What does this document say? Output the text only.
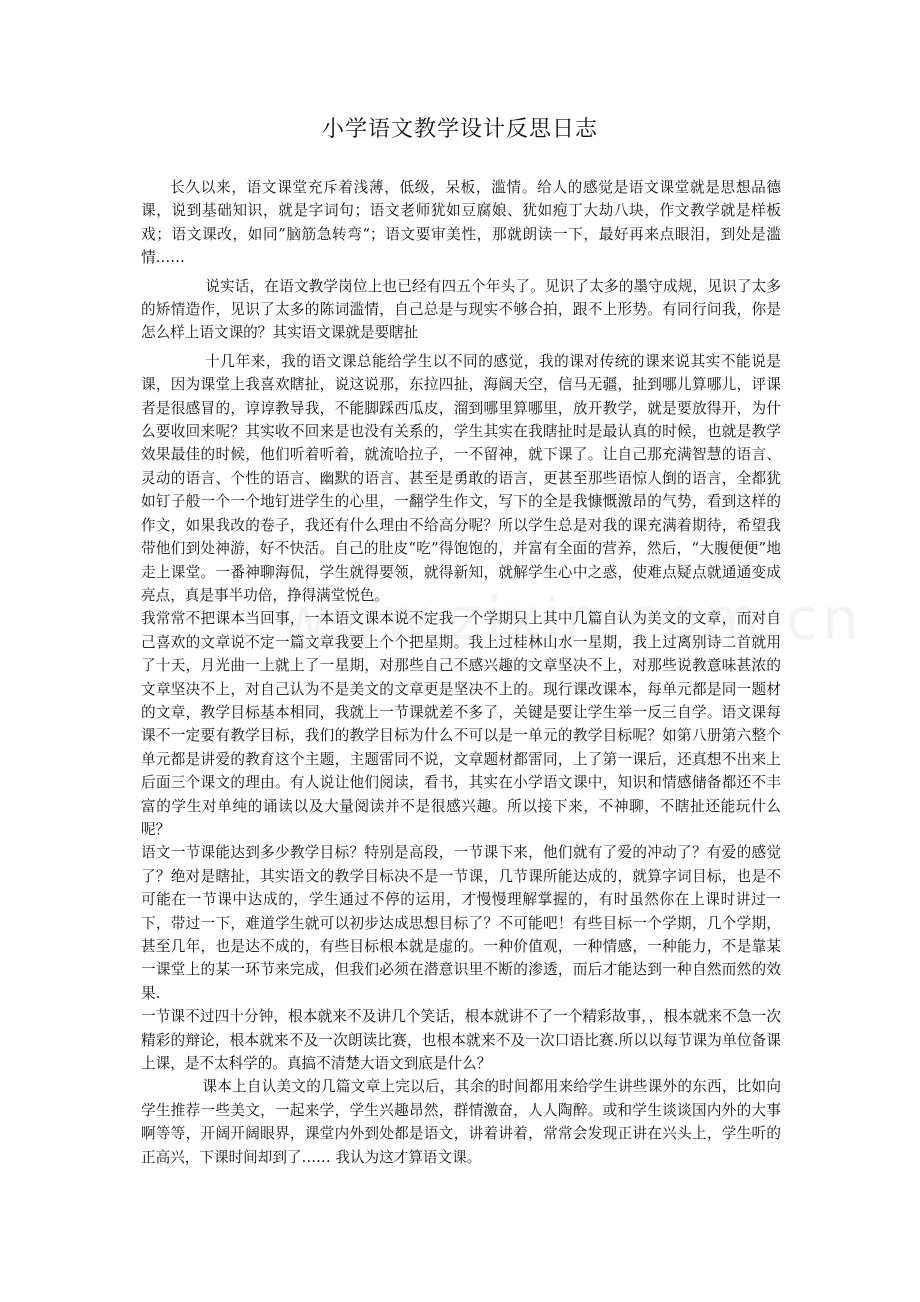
小学语文教学设计反思日志

长久以来，语文课堂充斥着浅薄，低级，呆板，滥情。给人的感觉是语文课堂就是思想品德课，说到基础知识，就是字词句；语文老师犹如豆腐娘、犹如疱丁大劫八块，作文教学就是样板戏；语文课改，如同”脑筋急转弯“；语文要审美性，那就朗读一下，最好再来点眼泪，到处是滥情……

说实话，在语文教学岗位上也已经有四五个年头了。见识了太多的墨守成规，见识了太多的矫情造作，见识了太多的陈词滥情，自己总是与现实不够合拍，跟不上形势。有同行问我，你是怎么样上语文课的？其实语文课就是要瞎扯

十几年来，我的语文课总能给学生以不同的感觉，我的课对传统的课来说其实不能说是课，因为课堂上我喜欢瞎扯，说这说那，东拉四扯，海阔天空，信马无疆，扯到哪儿算哪儿，评课者是很感冒的，谆谆教导我，不能脚踩西瓜皮，溜到哪里算哪里，放开教学，就是要放得开，为什么要收回来呢？其实收不回来是也没有关系的，学生其实在我瞎扯时是最认真的时候，也就是教学效果最佳的时候，他们听着听着，就流哈拉子，一不留神，就下课了。让自己那充满智慧的语言、灵动的语言、个性的语言、幽默的语言、甚至是勇敢的语言，更甚至那些语惊人倒的语言，全都犹如钉子般一个一个地钉进学生的心里，一翻学生作文，写下的全是我慷慨激昂的气势，看到这样的作文，如果我改的卷子，我还有什么理由不给高分呢？所以学生总是对我的课充满着期待，希望我带他们到处神游，好不快活。自己的肚皮“吃”得饱饱的，并富有全面的营养，然后，“大腹便便”地走上课堂。一番神聊海侃，学生就得要领，就得新知，就解学生心中之惑，使难点疑点就通通变成亮点，真是事半功倍，挣得满堂悦色。

我常常不把课本当回事，一本语文课本说不定我一个学期只上其中几篇自认为美文的文章，而对自己喜欢的文章说不定一篇文章我要上个个把星期。我上过桂林山水一星期，我上过离别诗二首就用了十天，月光曲一上就上了一星期，对那些自己不感兴趣的文章坚决不上，对那些说教意味甚浓的文章坚决不上，对自己认为不是美文的文章更是坚决不上的。现行课改课本，每单元都是同一题材的文章，教学目标基本相同，我就上一节课就差不多了，关键是要让学生举一反三自学。语文课每课不一定要有教学目标，我们的教学目标为什么不可以是一单元的教学目标呢？如第八册第六整个单元都是讲爱的教育这个主题，主题雷同不说，文章题材都雷同，上了第一课后，还真想不出来上后面三个课文的理由。有人说让他们阅读，看书，其实在小学语文课中，知识和情感储备都还不丰富的学生对单纯的诵读以及大量阅读并不是很感兴趣。所以接下来，不神聊，不瞎扯还能玩什么呢？

语文一节课能达到多少教学目标？特别是高段，一节课下来，他们就有了爱的冲动了？有爱的感觉了？绝对是瞎扯，其实语文的教学目标决不是一节课，几节课所能达成的，就算字词目标，也是不可能在一节课中达成的，学生通过不停的运用，才慢慢理解掌握的，有时虽然你在上课时讲过一下，带过一下，难道学生就可以初步达成思想目标了？不可能吧！有些目标一个学期，几个学期，甚至几年，也是达不成的，有些目标根本就是虚的。一种价值观，一种情感，一种能力，不是靠某一课堂上的某一环节来完成，但我们必须在潜意识里不断的渗透，而后才能达到一种自然而然的效果.

一节课不过四十分钟，根本就来不及讲几个笑话，根本就讲不了一个精彩故事，，根本就来不急一次精彩的辩论，根本就来不及一次朗读比赛，也根本就来不及一次口语比赛.所以以每节课为单位备课上课，是不太科学的。真搞不清楚大语文到底是什么？

课本上自认美文的几篇文章上完以后，其余的时间都用来给学生讲些课外的东西，比如向学生推荐一些美文，一起来学，学生兴趣昂然，群情激奋，人人陶醉。或和学生谈谈国内外的大事啊等等，开阔开阔眼界，课堂内外到处都是语文，讲着讲着，常常会发现正讲在兴头上，学生听的正高兴，下课时间却到了…… 我认为这才算语文课。
